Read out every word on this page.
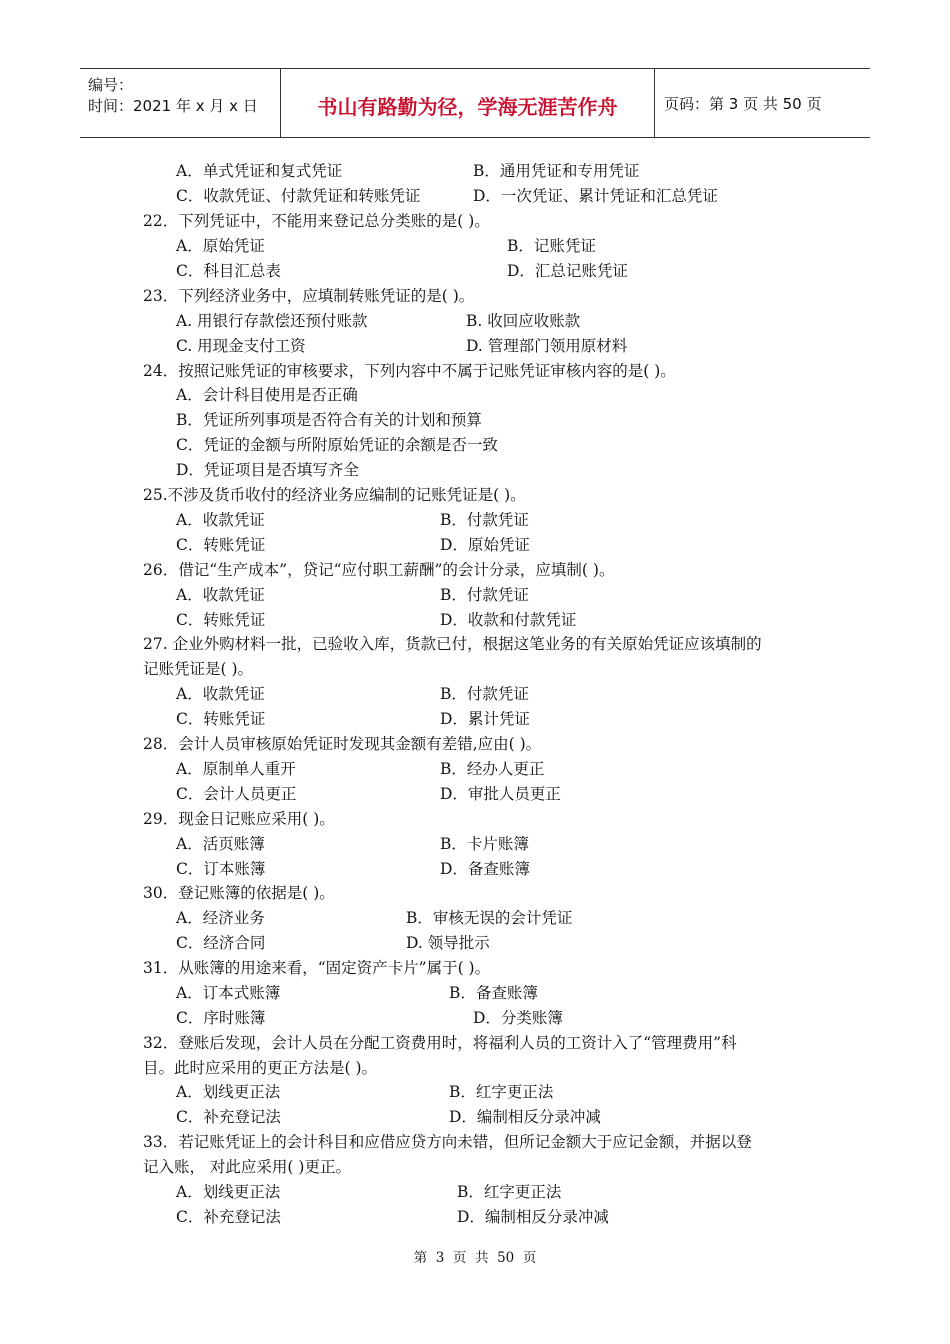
编号：
时间：2021 年 x 月 x 日	书山有路勤为径，学海无涯苦作舟	页码：第 3 页 共 50 页
A．单式凭证和复式凭证	B．通用凭证和专用凭证
C．收款凭证、付款凭证和转账凭证	D．一次凭证、累计凭证和汇总凭证
22．下列凭证中，不能用来登记总分类账的是( )。
A．原始凭证	B．记账凭证
C．科目汇总表	D．汇总记账凭证
23．下列经济业务中，应填制转账凭证的是( )。
A. 用银行存款偿还预付账款	B. 收回应收账款
C. 用现金支付工资	D. 管理部门领用原材料
24．按照记账凭证的审核要求，下列内容中不属于记账凭证审核内容的是( )。
A．会计科目使用是否正确
B．凭证所列事项是否符合有关的计划和预算
C．凭证的金额与所附原始凭证的余额是否一致
D．凭证项目是否填写齐全
25.不涉及货币收付的经济业务应编制的记账凭证是( )。
A．收款凭证	B．付款凭证
C．转账凭证	D．原始凭证
26．借记“生产成本”，贷记“应付职工薪酬”的会计分录，应填制( )。
A．收款凭证	B．付款凭证
C．转账凭证	D．收款和付款凭证
27. 企业外购材料一批，已验收入库，货款已付，根据这笔业务的有关原始凭证应该填制的
记账凭证是( )。
A．收款凭证	B．付款凭证
C．转账凭证	D．累计凭证
28．会计人员审核原始凭证时发现其金额有差错,应由( )。
A．原制单人重开	B．经办人更正
C．会计人员更正	D．审批人员更正
29．现金日记账应采用( )。
A．活页账簿	B．卡片账簿
C．订本账簿	D．备查账簿
30．登记账簿的依据是( )。
A．经济业务	B．审核无误的会计凭证
C．经济合同	D. 领导批示
31．从账簿的用途来看，“固定资产卡片”属于( )。
A．订本式账簿	B．备查账簿
C．序时账簿	D．分类账簿
32．登账后发现，会计人员在分配工资费用时，将福利人员的工资计入了“管理费用”科
目。此时应采用的更正方法是( )。
A．划线更正法	B．红字更正法
C．补充登记法	D．编制相反分录冲减
33．若记账凭证上的会计科目和应借应贷方向未错，但所记金额大于应记金额，并据以登
记入账， 对此应采用( )更正。
A．划线更正法	B．红字更正法
C．补充登记法	D．编制相反分录冲减
第  3  页  共  50  页
